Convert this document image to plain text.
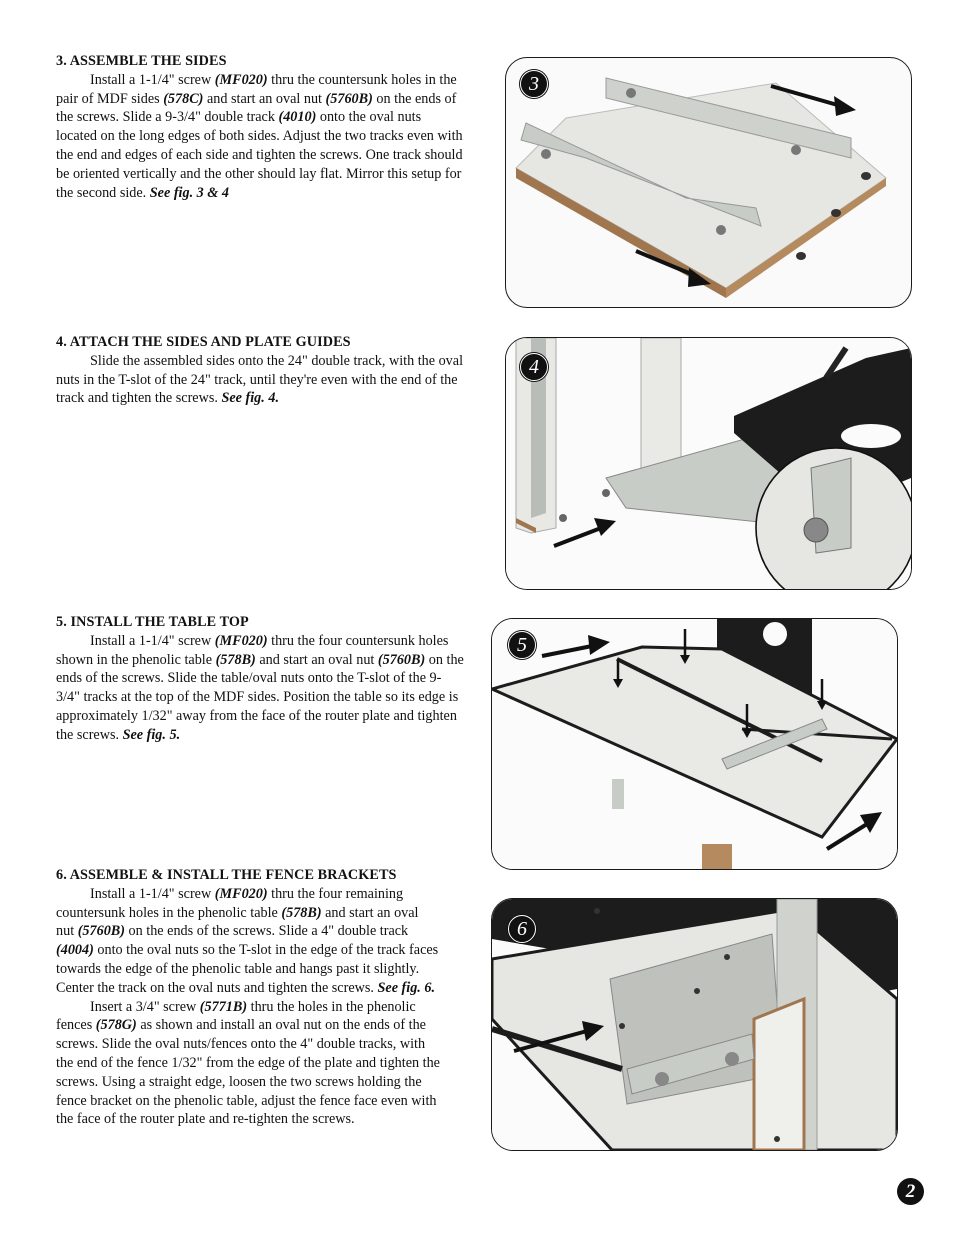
3. ASSEMBLE THE SIDES

Install a 1-1/4" screw (MF020) thru the countersunk holes in the pair of MDF sides (578C) and start an oval nut (5760B) on the ends of the screws. Slide a 9-3/4" double track (4010) onto the oval nuts located on the long edges of both sides. Adjust the two tracks even with the end and edges of each side and tighten the screws. One track should be oriented vertically and the other should lay flat. Mirror this setup for the second side. See fig. 3 & 4

4. ATTACH THE SIDES AND PLATE GUIDES

Slide the assembled sides onto the 24" double track, with the oval nuts in the T-slot of the 24" track, until they're even with the end of the track and tighten the screws. See fig. 4.

5. INSTALL THE TABLE TOP

Install a 1-1/4" screw (MF020) thru the four countersunk holes shown in the phenolic table (578B) and start an oval nut (5760B) on the ends of the screws. Slide the table/oval nuts onto the T-slot of the 9-3/4" tracks at the top of the MDF sides. Position the table so its edge is approximately 1/32" away from the face of the router plate and tighten the screws. See fig. 5.

6. ASSEMBLE & INSTALL THE FENCE BRACKETS

Install a 1-1/4" screw (MF020) thru the four remaining countersunk holes in the phenolic table (578B) and start an oval nut (5760B) on the ends of the screws. Slide a 4" double track (4004) onto the oval nuts so the T-slot in the edge of the track faces towards the edge of the phenolic table and hangs past it slightly. Center the track on the oval nuts and tighten the screws. See fig. 6.

Insert a 3/4" screw (5771B) thru the holes in the phenolic fences (578G) as shown and install an oval nut on the ends of the screws. Slide the oval nuts/fences onto the 4" double tracks, with the end of the fence 1/32" from the edge of the plate and tighten the screws. Using a straight edge, loosen the two screws holding the fence bracket on the phenolic table, adjust the fence face even with the face of the router plate and re-tighten the screws.

3
4
5
6
2
